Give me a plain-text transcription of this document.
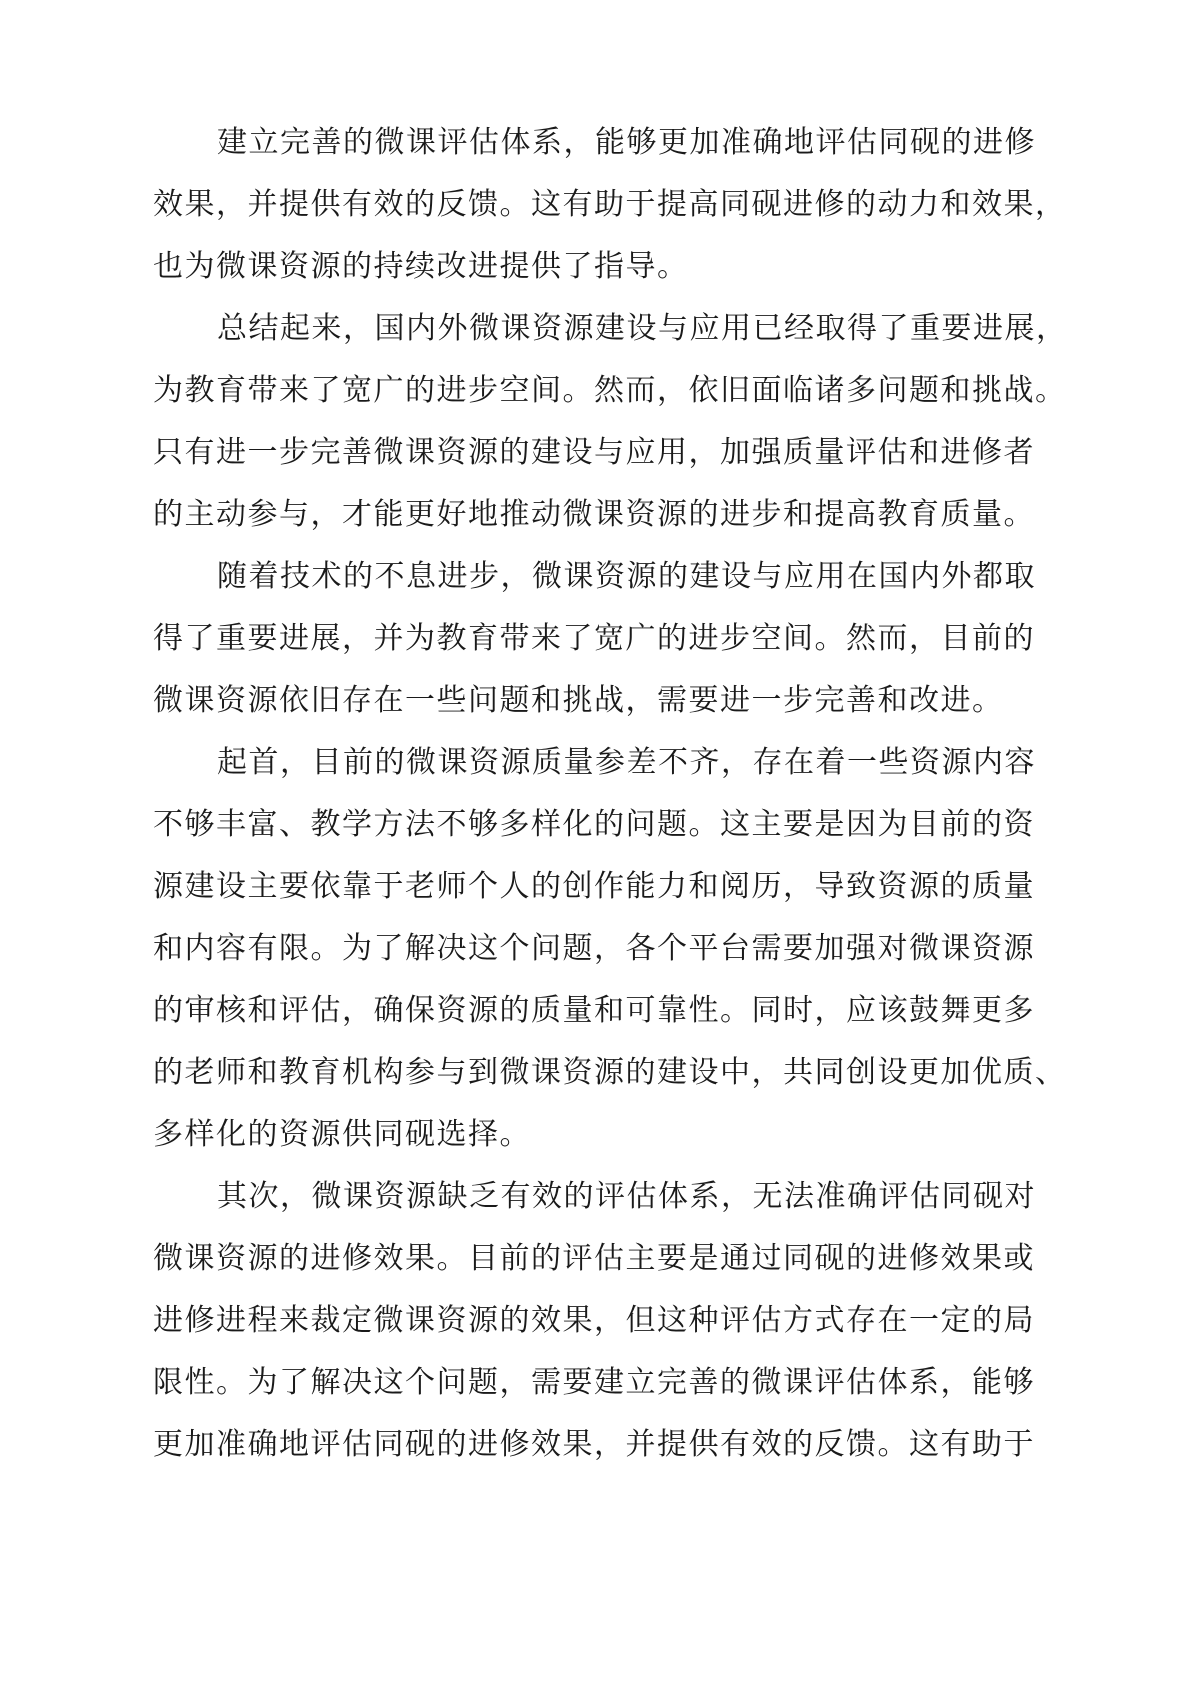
建立完善的微课评估体系，能够更加准确地评估同砚的进修
效果，并提供有效的反馈。这有助于提高同砚进修的动力和效果，
也为微课资源的持续改进提供了指导。

总结起来，国内外微课资源建设与应用已经取得了重要进展，
为教育带来了宽广的进步空间。然而，依旧面临诸多问题和挑战。
只有进一步完善微课资源的建设与应用，加强质量评估和进修者
的主动参与，才能更好地推动微课资源的进步和提高教育质量。

随着技术的不息进步，微课资源的建设与应用在国内外都取
得了重要进展，并为教育带来了宽广的进步空间。然而，目前的
微课资源依旧存在一些问题和挑战，需要进一步完善和改进。

起首，目前的微课资源质量参差不齐，存在着一些资源内容
不够丰富、教学方法不够多样化的问题。这主要是因为目前的资
源建设主要依靠于老师个人的创作能力和阅历，导致资源的质量
和内容有限。为了解决这个问题，各个平台需要加强对微课资源
的审核和评估，确保资源的质量和可靠性。同时，应该鼓舞更多
的老师和教育机构参与到微课资源的建设中，共同创设更加优质、
多样化的资源供同砚选择。

其次，微课资源缺乏有效的评估体系，无法准确评估同砚对
微课资源的进修效果。目前的评估主要是通过同砚的进修效果或
进修进程来裁定微课资源的效果，但这种评估方式存在一定的局
限性。为了解决这个问题，需要建立完善的微课评估体系，能够
更加准确地评估同砚的进修效果，并提供有效的反馈。这有助于
